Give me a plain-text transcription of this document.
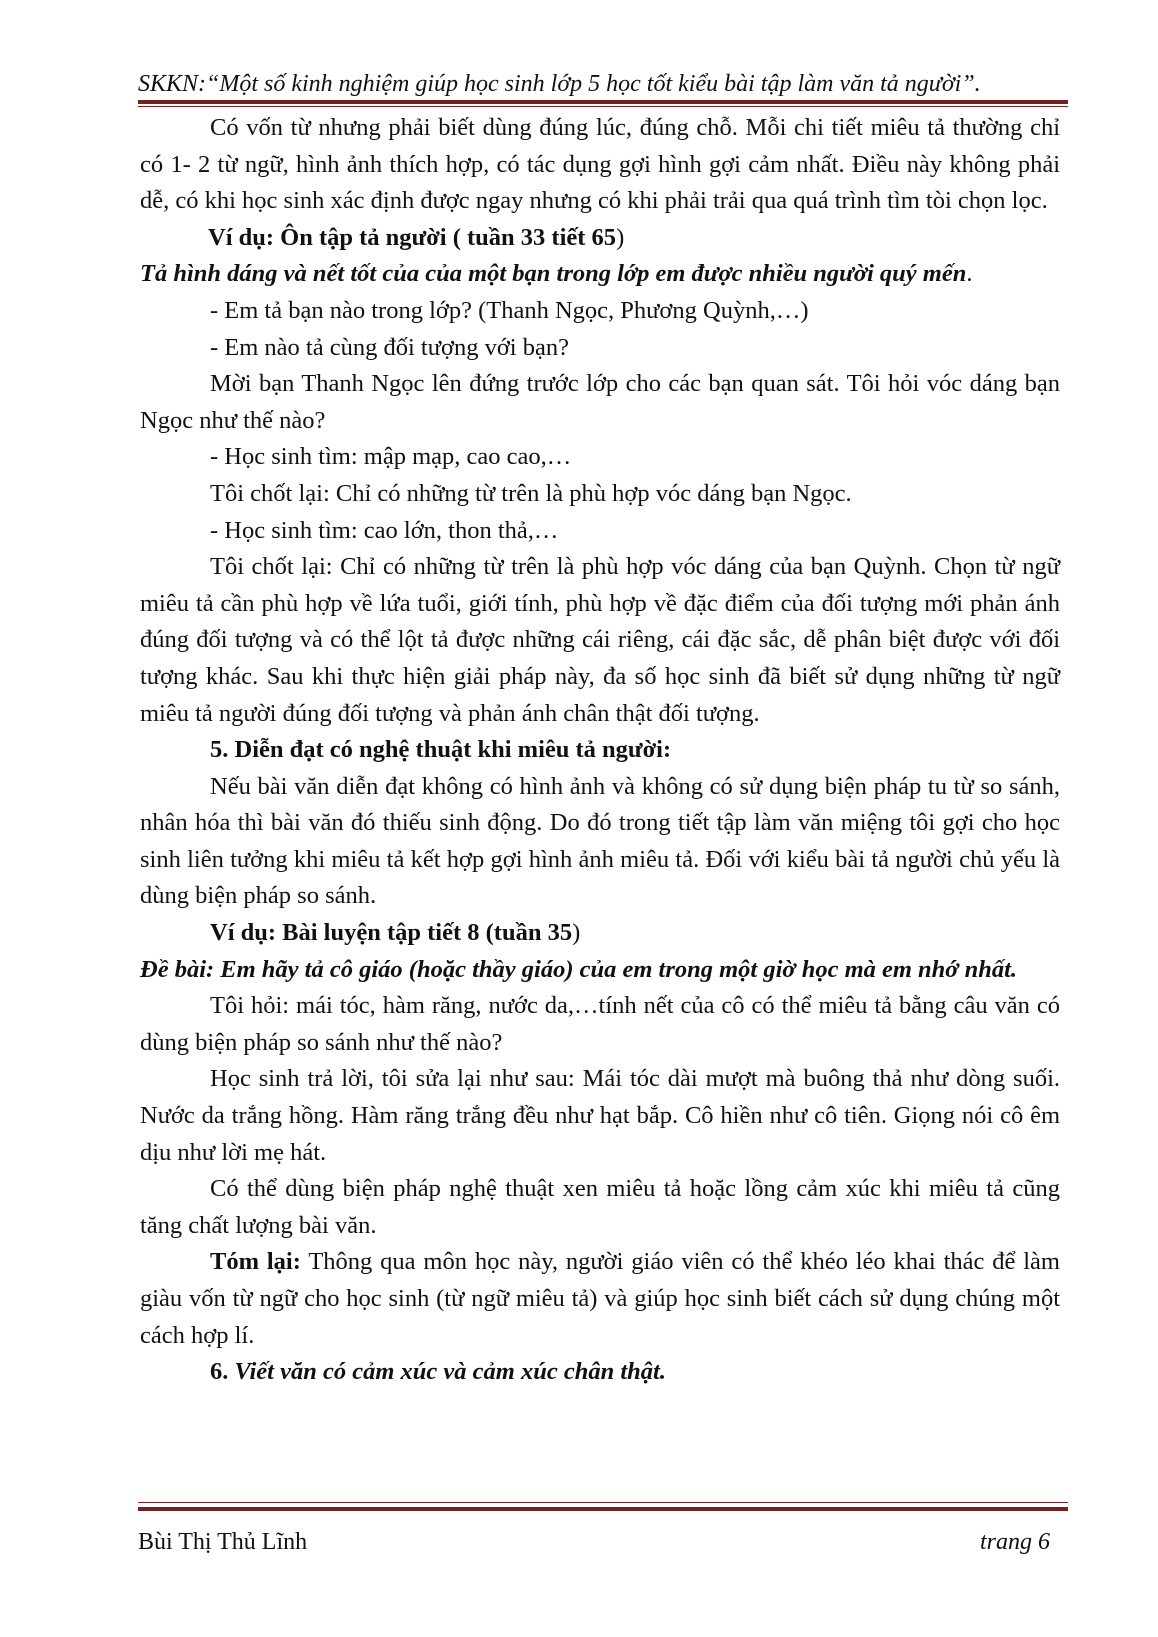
SKKN:“Một số kinh nghiệm giúp học sinh lớp 5 học tốt kiểu bài tập làm văn tả người”.

Có vốn từ nhưng phải biết dùng đúng lúc, đúng chỗ. Mỗi chi tiết miêu tả thường chỉ có 1- 2 từ ngữ, hình ảnh thích hợp, có tác dụng gợi hình gợi cảm nhất. Điều này không phải dễ, có khi học sinh xác định được ngay nhưng có khi phải trải qua quá trình tìm tòi chọn lọc.

Ví dụ: Ôn tập tả người ( tuần 33 tiết 65)

Tả hình dáng và nết tốt của của một bạn trong lớp em được nhiều người quý mến.

- Em tả bạn nào trong lớp? (Thanh Ngọc, Phương Quỳnh,…)

- Em nào tả cùng đối tượng với bạn?

Mời bạn Thanh Ngọc lên đứng trước lớp cho các bạn quan sát. Tôi hỏi vóc dáng bạn Ngọc như thế nào?

- Học sinh tìm: mập mạp, cao cao,…

Tôi chốt lại: Chỉ có những từ trên là phù hợp vóc dáng bạn Ngọc.

- Học sinh tìm: cao lớn, thon thả,…

Tôi chốt lại: Chỉ có những từ trên là phù hợp vóc dáng của bạn Quỳnh. Chọn từ ngữ miêu tả cần phù hợp về lứa tuổi, giới tính, phù hợp về đặc điểm của đối tượng mới phản ánh đúng đối tượng và có thể lột tả được những cái riêng, cái đặc sắc, dễ phân biệt được với đối tượng khác. Sau khi thực hiện giải pháp này, đa số học sinh đã biết sử dụng những từ ngữ miêu tả người đúng đối tượng và phản ánh chân thật đối tượng.

5. Diễn đạt có nghệ thuật khi miêu tả người:

Nếu bài văn diễn đạt không có hình ảnh và không có sử dụng biện pháp tu từ so sánh, nhân hóa thì bài văn đó thiếu sinh động. Do đó trong tiết tập làm văn miệng tôi gợi cho học sinh liên tưởng khi miêu tả kết hợp gợi hình ảnh miêu tả. Đối với kiểu bài tả người chủ yếu là dùng biện pháp so sánh.

Ví dụ: Bài luyện tập tiết 8 (tuần 35)

Đề bài: Em hãy tả cô giáo (hoặc thầy giáo) của em trong một giờ học mà em nhớ nhất.

Tôi hỏi: mái tóc, hàm răng, nước da,…tính nết của cô có thể miêu tả bằng câu văn có dùng biện pháp so sánh như thế nào?

Học sinh trả lời, tôi sửa lại như sau: Mái tóc dài mượt mà buông thả như dòng suối. Nước da trắng hồng. Hàm răng trắng đều như hạt bắp. Cô hiền như cô tiên. Giọng nói cô êm dịu như lời mẹ hát.

Có thể dùng biện pháp nghệ thuật xen miêu tả hoặc lồng cảm xúc khi miêu tả cũng tăng chất lượng bài văn.

Tóm lại: Thông qua môn học này, người giáo viên có thể khéo léo khai thác để làm giàu vốn từ ngữ cho học sinh (từ ngữ miêu tả) và giúp học sinh biết cách sử dụng chúng một cách hợp lí.

6. Viết văn có cảm xúc và cảm xúc chân thật.

Bùi Thị Thủ Lĩnh	trang 6
